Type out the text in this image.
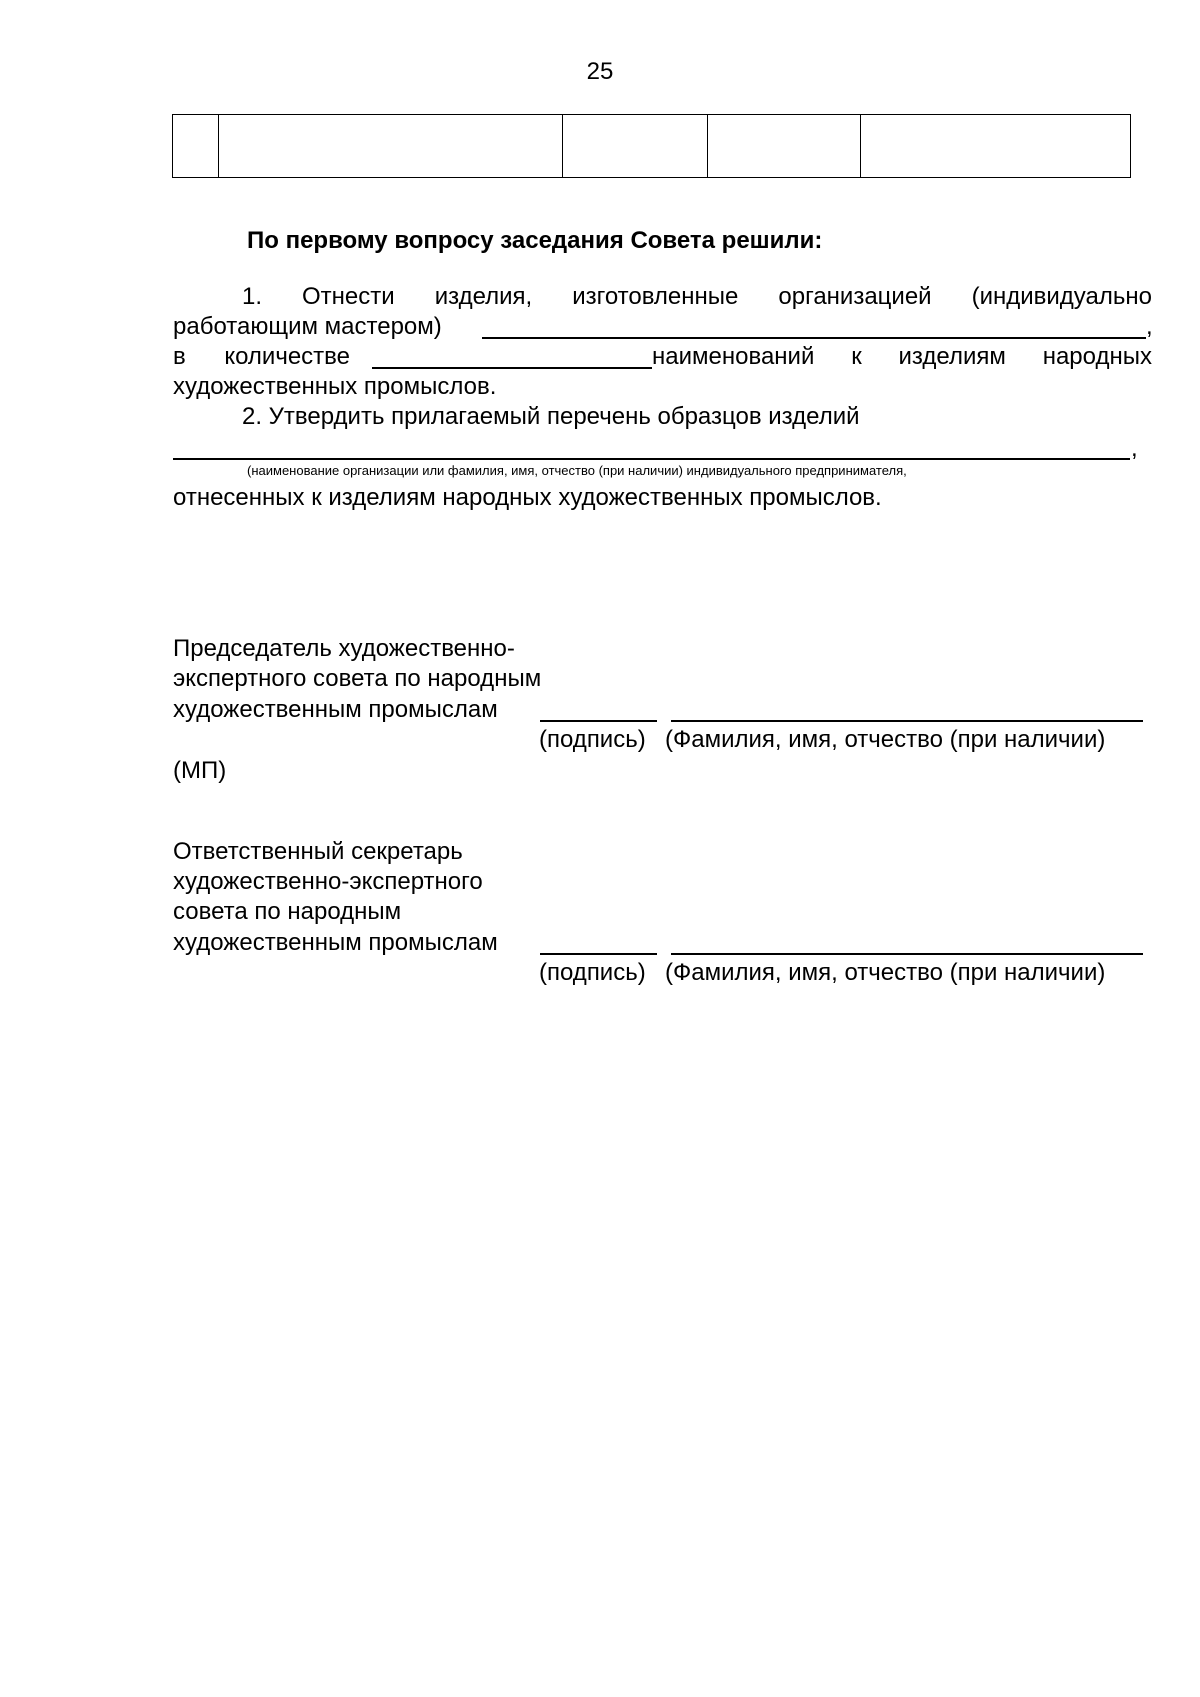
25
По первому вопросу заседания Совета решили:
1. Отнести изделия, изготовленные организацией (индивидуально
работающим мастером)	,
в количестве	наименований к изделиям народных
художественных промыслов.
2. Утвердить прилагаемый перечень образцов изделий
,
(наименование организации или фамилия, имя, отчество (при наличии) индивидуального предпринимателя,
отнесенных к изделиям народных художественных промыслов.
Председатель художественно-
экспертного совета по народным
художественным промыслам
(подпись) (Фамилия, имя, отчество (при наличии)
(МП)
Ответственный секретарь
художественно-экспертного
совета по народным
художественным промыслам
(подпись) (Фамилия, имя, отчество (при наличии)
